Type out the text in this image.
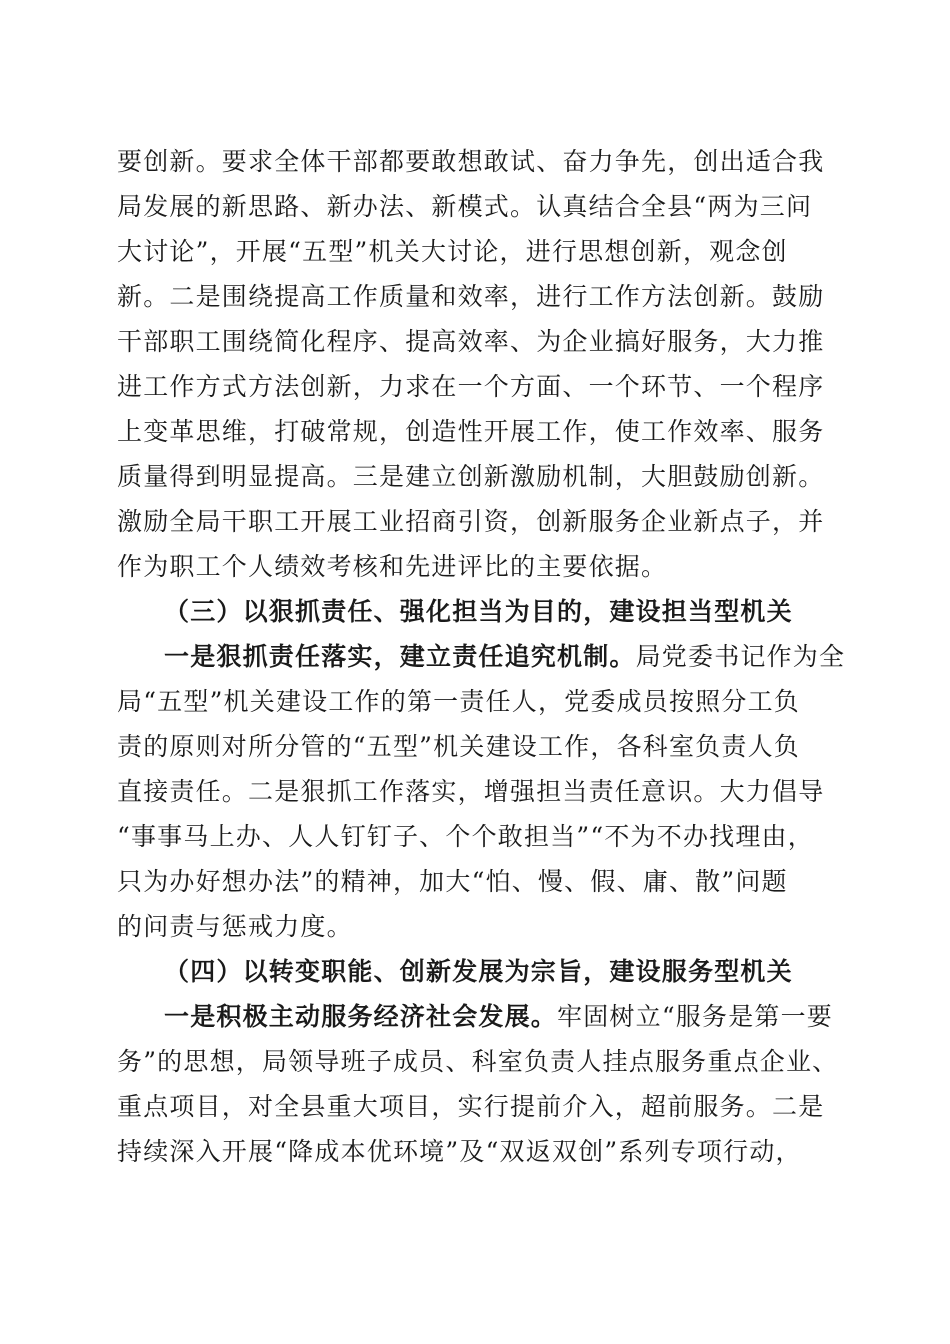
要创新。要求全体干部都要敢想敢试、奋力争先，创出适合我
局发展的新思路、新办法、新模式。认真结合全县“两为三问
大讨论”，开展“五型”机关大讨论，进行思想创新，观念创
新。二是围绕提高工作质量和效率，进行工作方法创新。鼓励
干部职工围绕简化程序、提高效率、为企业搞好服务，大力推
进工作方式方法创新，力求在一个方面、一个环节、一个程序
上变革思维，打破常规，创造性开展工作，使工作效率、服务
质量得到明显提高。三是建立创新激励机制，大胆鼓励创新。
激励全局干职工开展工业招商引资，创新服务企业新点子，并
作为职工个人绩效考核和先进评比的主要依据。
（三）以狠抓责任、强化担当为目的，建设担当型机关
一是狠抓责任落实，建立责任追究机制。局党委书记作为全
局“五型”机关建设工作的第一责任人，党委成员按照分工负
责的原则对所分管的“五型”机关建设工作，各科室负责人负
直接责任。二是狠抓工作落实，增强担当责任意识。大力倡导
“事事马上办、人人钉钉子、个个敢担当”“不为不办找理由，
只为办好想办法”的精神，加大“怕、慢、假、庸、散”问题
的问责与惩戒力度。
（四）以转变职能、创新发展为宗旨，建设服务型机关
一是积极主动服务经济社会发展。牢固树立“服务是第一要
务”的思想，局领导班子成员、科室负责人挂点服务重点企业、
重点项目，对全县重大项目，实行提前介入，超前服务。二是
持续深入开展“降成本优环境”及“双返双创”系列专项行动，
